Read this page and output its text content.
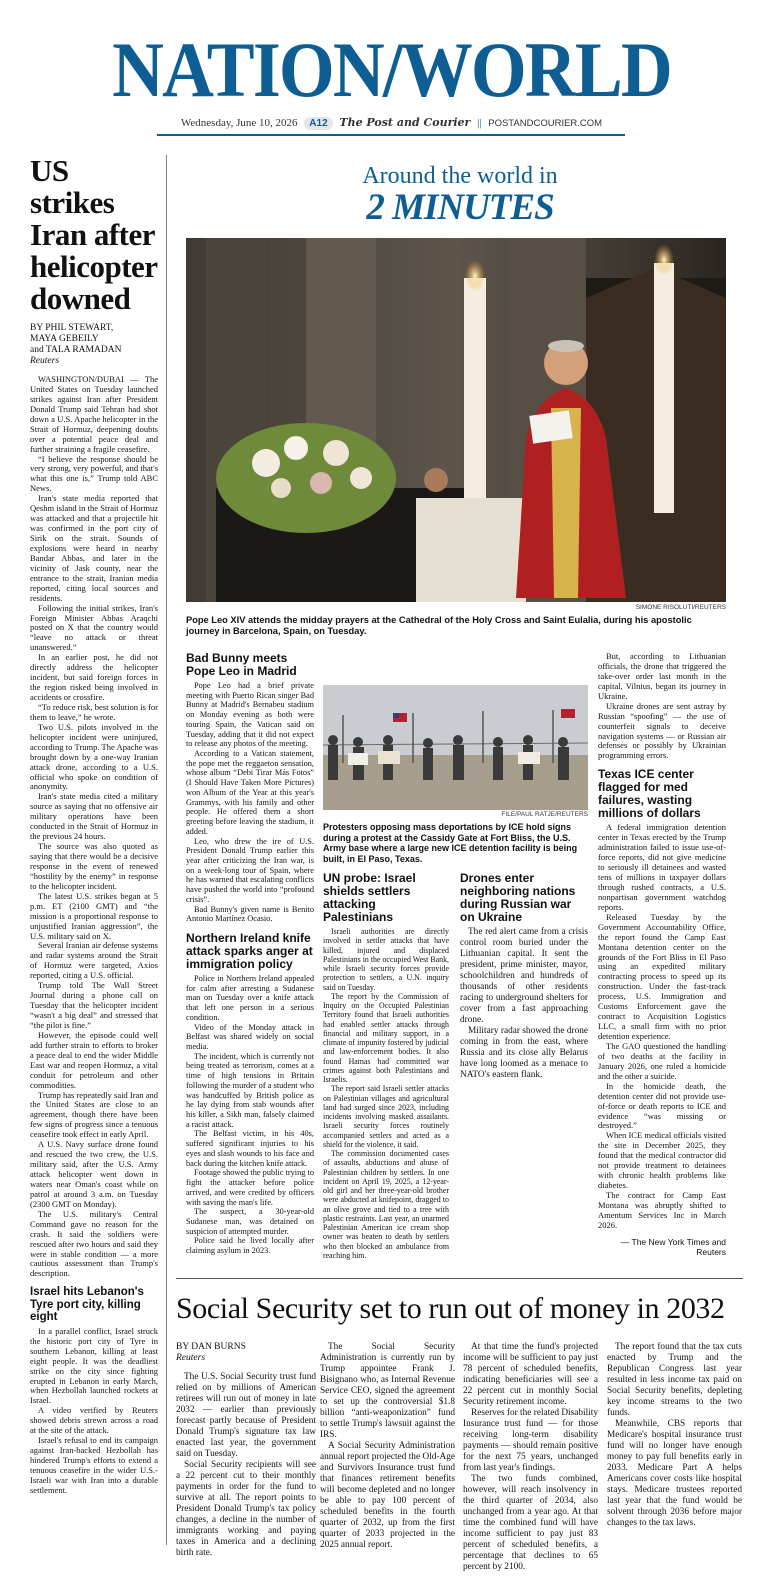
NATION/WORLD
Wednesday, June 10, 2026 A12 The Post and Courier || POSTANDCOURIER.COM
US strikes Iran after helicopter downed
BY PHIL STEWART,
MAYA GEBEILY
and TALA RAMADAN
Reuters

WASHINGTON/DUBAI — The United States on Tuesday launched strikes against Iran after President Donald Trump said Tehran had shot down a U.S. Apache helicopter in the Strait of Hormuz, deepening doubts over a potential peace deal and further straining a fragile ceasefire.

“I believe the response should be very strong, very powerful, and that's what this one is,” Trump told ABC News.

Iran's state media reported that Qeshm island in the Strait of Hormuz was attacked and that a projectile hit was confirmed in the port city of Sirik on the strait. Sounds of explosions were heard in nearby Bandar Abbas, and later in the vicinity of Jask county, near the entrance to the strait, Iranian media reported, citing local sources and residents.

Following the initial strikes, Iran's Foreign Minister Abbas Araqchi posted on X that the country would “leave no attack or threat unanswered.”

In an earlier post, he did not directly address the helicopter incident, but said foreign forces in the region risked being involved in accidents or crossfire.

“To reduce risk, best solution is for them to leave,” he wrote.

Two U.S. pilots involved in the helicopter incident were uninjured, according to Trump. The Apache was brought down by a one-way Iranian attack drone, according to a U.S. official who spoke on condition of anonymity.

Iran's state media cited a military source as saying that no offensive air military operations have been conducted in the Strait of Hormuz in the previous 24 hours.

The source was also quoted as saying that there would be a decisive response in the event of renewed “hostility by the enemy” in response to the helicopter incident.

The latest U.S. strikes began at 5 p.m. ET (2100 GMT) and “the mission is a proportional response to unjustified Iranian aggression”, the U.S. military said on X.

Several Iranian air defense systems and radar systems around the Strait of Hormuz were targeted, Axios reported, citing a U.S. official.

Trump told The Wall Street Journal during a phone call on Tuesday that the helicopter incident “wasn't a big deal” and stressed that “the pilot is fine.”

However, the episode could well add further strain to efforts to broker a peace deal to end the wider Middle East war and reopen Hormuz, a vital conduit for petroleum and other commodities.

Trump has repeatedly said Iran and the United States are close to an agreement, though there have been few signs of progress since a tenuous ceasefire took effect in early April.

A U.S. Navy surface drone found and rescued the two crew, the U.S. military said, after the U.S. Army attack helicopter went down in waters near Oman's coast while on patrol at around 3 a.m. on Tuesday (2300 GMT on Monday).

The U.S. military's Central Command gave no reason for the crash. It said the soldiers were rescued after two hours and said they were in stable condition — a more cautious assessment than Trump's description.

Israel hits Lebanon's Tyre port city, killing eight

In a parallel conflict, Israel struck the historic port city of Tyre in southern Lebanon, killing at least eight people. It was the deadliest strike on the city since fighting erupted in Lebanon in early March, when Hezbollah launched rockets at Israel.

A video verified by Reuters showed debris strewn across a road at the site of the attack.

Israel's refusal to end its campaign against Iran-backed Hezbollah has hindered Trump's efforts to extend a tenuous ceasefire in the wider U.S.-Israeli war with Iran into a durable settlement.

Around the world in
2 MINUTES
SIMONE RISOLUTI/REUTERS
Pope Leo XIV attends the midday prayers at the Cathedral of the Holy Cross and Saint Eulalia, during his apostolic journey in Barcelona, Spain, on Tuesday.
Bad Bunny meets Pope Leo in Madrid

Pope Leo had a brief private meeting with Puerto Rican singer Bad Bunny at Madrid's Bernabeu stadium on Monday evening as both were touring Spain, the Vatican said on Tuesday, adding that it did not expect to release any photos of the meeting.

According to a Vatican statement, the pope met the reggaeton sensation, whose album “Debi Tirar Más Fotos” (I Should Have Taken More Pictures) won Album of the Year at this year's Grammys, with his family and other people. He offered them a short greeting before leaving the stadium, it added.

Leo, who drew the ire of U.S. President Donald Trump earlier this year after criticizing the Iran war, is on a week-long tour of Spain, where he has warned that escalating conflicts have pushed the world into “profound crisis”.

Bad Bunny's given name is Benito Antonio Martínez Ocasio.

Northern Ireland knife attack sparks anger at immigration policy

Police in Northern Ireland appealed for calm after arresting a Sudanese man on Tuesday over a knife attack that left one person in a serious condition.

Video of the Monday attack in Belfast was shared widely on social media.

The incident, which is currently not being treated as terrorism, comes at a time of high tensions in Britain following the murder of a student who was handcuffed by British police as he lay dying from stab wounds after his killer, a Sikh man, falsely claimed a racist attack.

The Belfast victim, in his 40s, suffered significant injuries to his eyes and slash wounds to his face and back during the kitchen knife attack.

Footage showed the public trying to fight the attacker before police arrived, and were credited by officers with saving the man's life.

The suspect, a 30-year-old Sudanese man, was detained on suspicion of attempted murder.

Police said he lived locally after claiming asylum in 2023.

FILE/PAUL RATJE/REUTERS
Protesters opposing mass deportations by ICE hold signs during a protest at the Cassidy Gate at Fort Bliss, the U.S. Army base where a large new ICE detention facility is being built, in El Paso, Texas.
UN probe: Israel shields settlers attacking Palestinians

Israeli authorities are directly involved in settler attacks that have killed, injured and displaced Palestinians in the occupied West Bank, while Israeli security forces provide protection to settlers, a U.N. inquiry said on Tuesday.

The report by the Commission of Inquiry on the Occupied Palestinian Territory found that Israeli authorities had enabled settler attacks through financial and military support, in a climate of impunity fostered by judicial and law-enforcement bodies. It also found Hamas had committed war crimes against both Palestinians and Israelis.

The report said Israeli settler attacks on Palestinian villages and agricultural land had surged since 2023, including incidents involving masked assailants. Israeli security forces routinely accompanied settlers and acted as a shield for the violence, it said.

The commission documented cases of assaults, abductions and abuse of Palestinian children by settlers. In one incident on April 19, 2025, a 12-year-old girl and her three-year-old brother were abducted at knifepoint, dragged to an olive grove and tied to a tree with plastic restraints. Last year, an unarmed Palestinian American ice cream shop owner was beaten to death by settlers who then blocked an ambulance from reaching him.

Drones enter neighboring nations during Russian war on Ukraine

The red alert came from a crisis control room buried under the Lithuanian capital. It sent the president, prime minister, mayor, schoolchildren and hundreds of thousands of other residents racing to underground shelters for cover from a fast approaching drone.

Military radar showed the drone coming in from the east, where Russia and its close ally Belarus have long loomed as a menace to NATO's eastern flank.

But, according to Lithuanian officials, the drone that triggered the take-over order last month in the capital, Vilnius, began its journey in Ukraine.

Ukraine drones are sent astray by Russian “spoofing” — the use of counterfeit signals to deceive navigation systems — or Russian air defenses or possibly by Ukrainian programming errors.

Texas ICE center flagged for med failures, wasting millions of dollars

A federal immigration detention center in Texas erected by the Trump administration failed to issue use-of-force reports, did not give medicine to seriously ill detainees and wasted tens of millions in taxpayer dollars through rushed contracts, a U.S. nonpartisan government watchdog reports.

Released Tuesday by the Government Accountability Office, the report found the Camp East Montana detention center on the grounds of the Fort Bliss in El Paso using an expedited military contracting process to speed up its construction. Under the fast-track process, U.S. Immigration and Customs Enforcement gave the contract to Acquisition Logistics LLC, a small firm with no prior detention experience.

The GAO questioned the handling of two deaths at the facility in January 2026, one ruled a homicide and the other a suicide.

In the homicide death, the detention center did not provide use-of-force or death reports to ICE and evidence “was missing or destroyed.”

When ICE medical officials visited the site in December 2025, they found that the medical contractor did not provide treatment to detainees with chronic health problems like diabetes.

The contract for Camp East Montana was abruptly shifted to Amentum Services Inc in March 2026.

— The New York Times and Reuters
Social Security set to run out of money in 2032
BY DAN BURNS
Reuters

The U.S. Social Security trust fund relied on by millions of American retirees will run out of money in late 2032 — earlier than previously forecast partly because of President Donald Trump's signature tax law enacted last year, the government said on Tuesday.

Social Security recipients will see a 22 percent cut to their monthly payments in order for the fund to survive at all. The report points to President Donald Trump's tax policy changes, a decline in the number of immigrants working and paying taxes in America and a declining birth rate.

The Social Security Administration is currently run by Trump appointee Frank J. Bisignano who, as Internal Revenue Service CEO, signed the agreement to set up the controversial $1.8 billion “anti-weaponization” fund to settle Trump's lawsuit against the IRS.

A Social Security Administration annual report projected the Old-Age and Survivors Insurance trust fund that finances retirement benefits will become depleted and no longer be able to pay 100 percent of scheduled benefits in the fourth quarter of 2032, up from the first quarter of 2033 projected in the 2025 annual report.

At that time the fund's projected income will be sufficient to pay just 78 percent of scheduled benefits, indicating beneficiaries will see a 22 percent cut in monthly Social Security retirement income.

Reserves for the related Disability Insurance trust fund — for those receiving long-term disability payments — should remain positive for the next 75 years, unchanged from last year's findings.

The two funds combined, however, will reach insolvency in the third quarter of 2034, also unchanged from a year ago. At that time the combined fund will have income sufficient to pay just 83 percent of scheduled benefits, a percentage that declines to 65 percent by 2100.

The report found that the tax cuts enacted by Trump and the Republican Congress last year resulted in less income tax paid on Social Security benefits, depleting key income streams to the two funds.

Meanwhile, CBS reports that Medicare's hospital insurance trust fund will no longer have enough money to pay full benefits early in 2033. Medicare Part A helps Americans cover costs like hospital stays. Medicare trustees reported last year that the fund would be solvent through 2036 before major changes to the tax laws.
